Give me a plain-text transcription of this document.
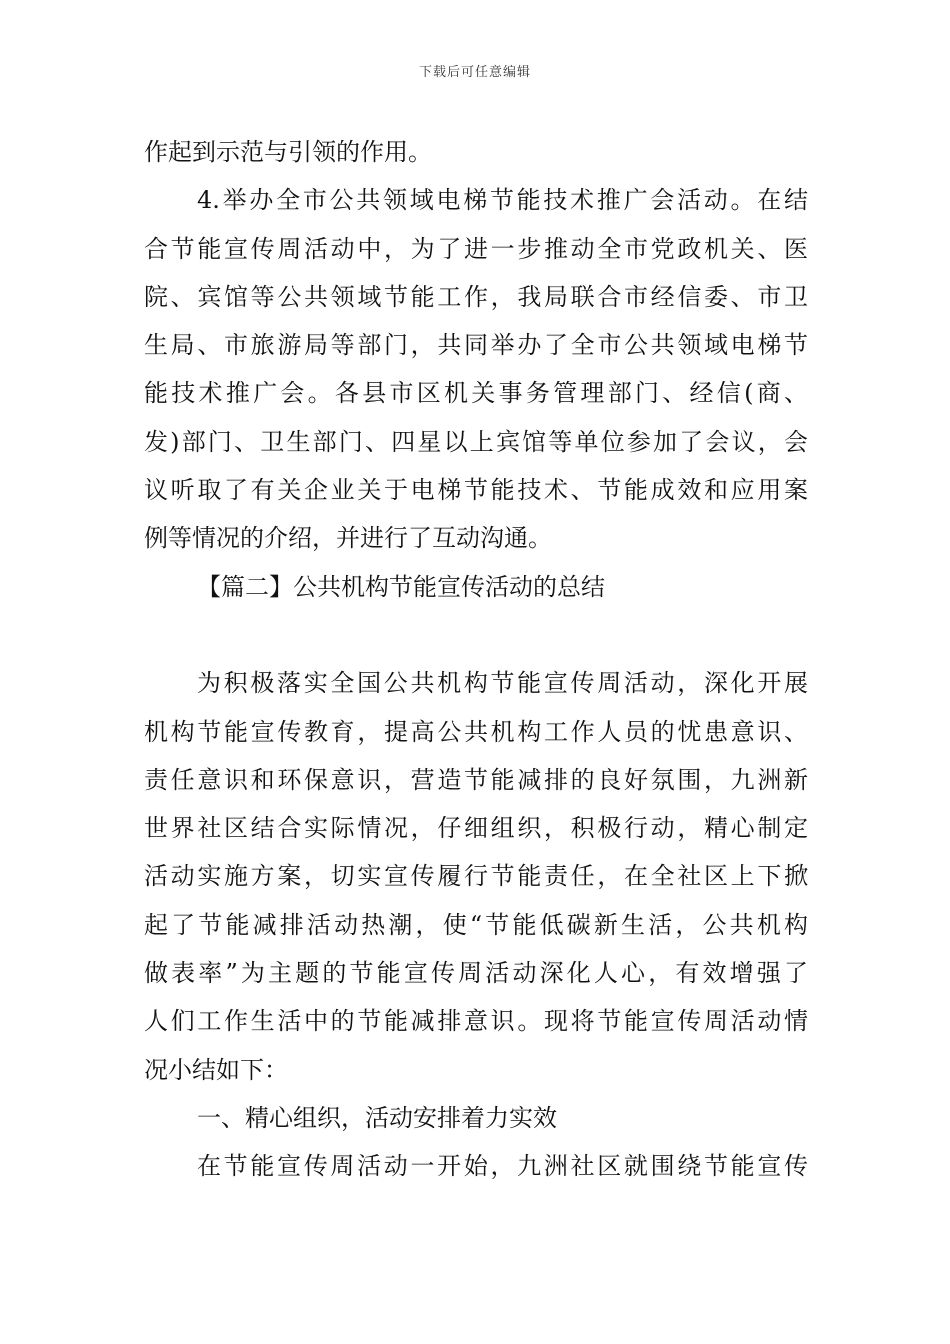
下载后可任意编辑
作起到示范与引领的作用。
4.举办全市公共领域电梯节能技术推广会活动。在结
合节能宣传周活动中，为了进一步推动全市党政机关、医
院、宾馆等公共领域节能工作，我局联合市经信委、市卫
生局、市旅游局等部门，共同举办了全市公共领域电梯节
能技术推广会。各县市区机关事务管理部门、经信(商、
发)部门、卫生部门、四星以上宾馆等单位参加了会议，会
议听取了有关企业关于电梯节能技术、节能成效和应用案
例等情况的介绍，并进行了互动沟通。
【篇二】公共机构节能宣传活动的总结
为积极落实全国公共机构节能宣传周活动，深化开展
机构节能宣传教育，提高公共机构工作人员的忧患意识、
责任意识和环保意识，营造节能减排的良好氛围，九洲新
世界社区结合实际情况，仔细组织，积极行动，精心制定
活动实施方案，切实宣传履行节能责任，在全社区上下掀
起了节能减排活动热潮，使“节能低碳新生活，公共机构
做表率”为主题的节能宣传周活动深化人心，有效增强了
人们工作生活中的节能减排意识。现将节能宣传周活动情
况小结如下：
一、精心组织，活动安排着力实效
在节能宣传周活动一开始，九洲社区就围绕节能宣传
